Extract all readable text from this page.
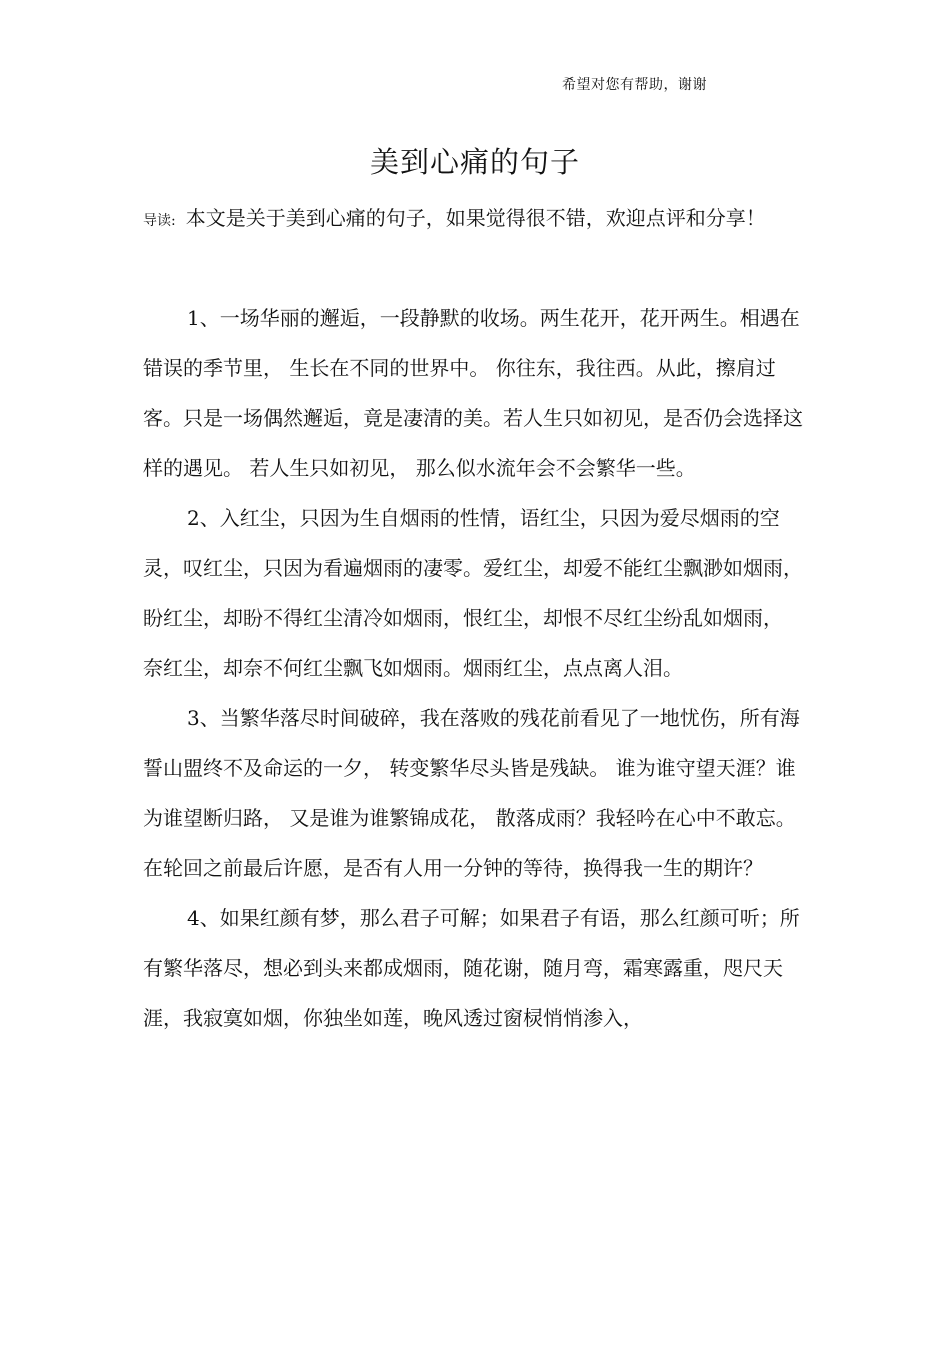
希望对您有帮助，谢谢
美到心痛的句子

导读: 本文是关于美到心痛的句子，如果觉得很不错，欢迎点评和分享！

1、一场华丽的邂逅，一段静默的收场。两生花开，花开两生。相遇在错误的季节里， 生长在不同的世界中。 你往东，我往西。从此，擦肩过客。只是一场偶然邂逅，竟是凄清的美。若人生只如初见，是否仍会选择这样的遇见。 若人生只如初见， 那么似水流年会不会繁华一些。

2、入红尘，只因为生自烟雨的性情，语红尘，只因为爱尽烟雨的空灵，叹红尘，只因为看遍烟雨的凄零。爱红尘，却爱不能红尘飘渺如烟雨，盼红尘，却盼不得红尘清冷如烟雨，恨红尘，却恨不尽红尘纷乱如烟雨， 奈红尘，却奈不何红尘飘飞如烟雨。烟雨红尘，点点离人泪。

3、当繁华落尽时间破碎，我在落败的残花前看见了一地忧伤，所有海誓山盟终不及命运的一夕， 转变繁华尽头皆是残缺。 谁为谁守望天涯？谁为谁望断归路， 又是谁为谁繁锦成花， 散落成雨？我轻吟在心中不敢忘。在轮回之前最后许愿，是否有人用一分钟的等待，换得我一生的期许？

4、如果红颜有梦，那么君子可解；如果君子有语，那么红颜可听；所有繁华落尽，想必到头来都成烟雨，随花谢，随月弯，霜寒露重，咫尺天涯，我寂寞如烟，你独坐如莲，晚风透过窗棂悄悄渗入，
